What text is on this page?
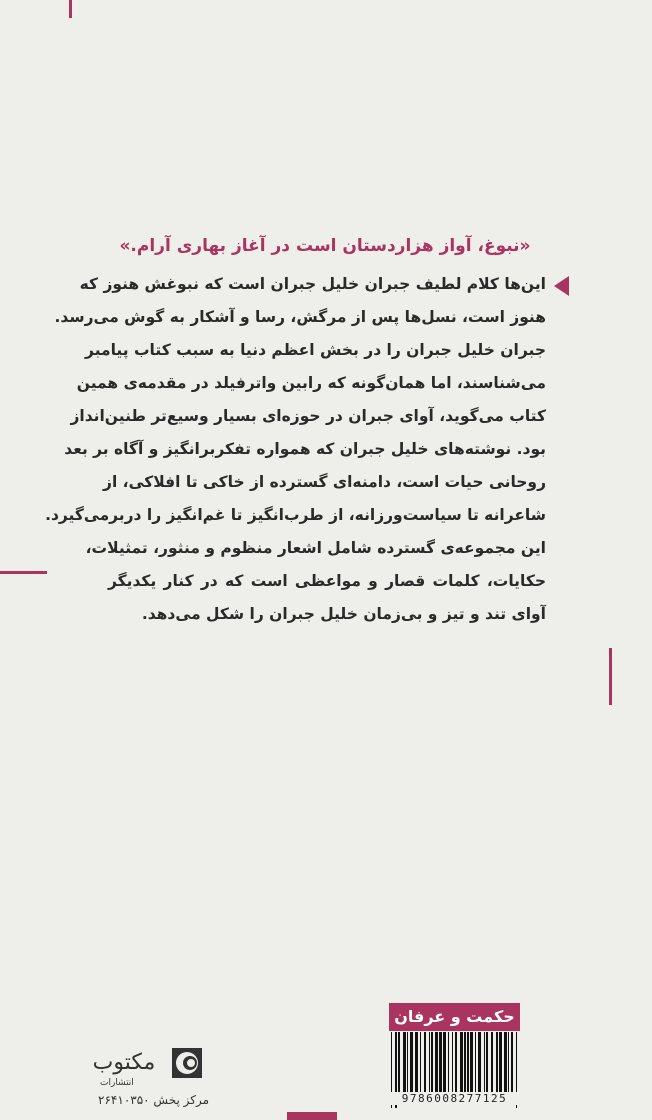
«نبوغ، آواز هزاردستان است در آغاز بهاری آرام.»
این‌ها کلام لطیف جبران خلیل جبران است که نبوغش هنوز که
هنوز است، نسل‌ها پس از مرگش، رسا و آشکار به گوش می‌رسد.
جبران خلیل جبران را در بخش اعظم دنیا به سبب کتاب پیامبر
می‌شناسند، اما همان‌گونه که رابین واترفیلد در مقدمه‌ی همین
کتاب می‌گوید، آوای جبران در حوزه‌ای بسیار وسیع‌تر طنین‌انداز
بود. نوشته‌های خلیل جبران که همواره تفکربرانگیز و آگاه بر بعد
روحانی حیات است، دامنه‌ای گسترده از خاکی تا افلاکی، از
شاعرانه تا سیاست‌ورزانه، از طرب‌انگیز تا غم‌انگیز را دربرمی‌گیرد.
این مجموعه‌ی گسترده شامل اشعار منظوم و منثور، تمثیلات،
حکایات، کلمات قصار و مواعظی است که در کنار یکدیگر
آوای تند و تیز و بی‌زمان خلیل جبران را شکل می‌دهد.
حکمت و عرفان
9786008277125
مکتوب
انتشارات
مرکز پخش ۲۶۴۱۰۳۵۰
